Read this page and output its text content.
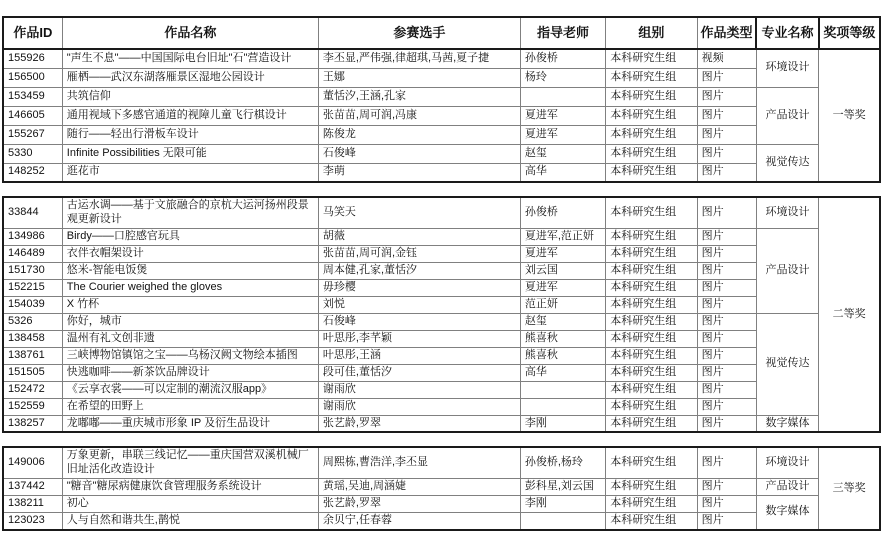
作品ID	作品名称	参赛选手	指导老师	组别	作品类型	专业名称	奖项等级
155926	"声生不息"——中国国际电台旧址"石"营造设计	李丕显,严伟强,律超琪,马茜,夏子捷	孙俊桥	本科研究生组	视频	环境设计	一等奖
156500	雁栖——武汉东湖落雁景区湿地公园设计	王娜	杨玲	本科研究生组	图片		
153459	共筑信仰	董恬汐,王涵,孔家		本科研究生组	图片	产品设计	
146605	通用视域下多感官通道的视障儿童飞行棋设计	张苗苗,周可润,冯康	夏进军	本科研究生组	图片		
155267	随行——轻出行滑板车设计	陈俊龙	夏进军	本科研究生组	图片		
5330	Infinite Possibilities 无限可能	石俊峰	赵玺	本科研究生组	图片	视觉传达	
148252	逛花市	李萌	高华	本科研究生组	图片		
33844	古运水调——基于文旅融合的京杭大运河扬州段景观更新设计	马笑天	孙俊桥	本科研究生组	图片	环境设计	二等奖
134986	Birdy——口腔感官玩具	胡薇	夏进军,范正妍	本科研究生组	图片	产品设计	
146489	衣伴衣帽架设计	张苗苗,周可润,金钰	夏进军	本科研究生组	图片		
151730	悠米-智能电饭煲	周本健,孔家,董恬汐	刘云国	本科研究生组	图片		
152215	The Courier weighed the gloves	毋珍樱	夏进军	本科研究生组	图片		
154039	X 竹杯	刘悦	范正妍	本科研究生组	图片		
5326	你好，城市	石俊峰	赵玺	本科研究生组	图片	视觉传达	
138458	温州有礼文创非遗	叶思彤,李芊颖	熊喜秋	本科研究生组	图片		
138761	三峡博物馆镇馆之宝——乌杨汉阙文物绘本插图	叶思彤,王涵	熊喜秋	本科研究生组	图片		
151505	快逃咖啡——新茶饮品牌设计	段可佳,董恬汐	高华	本科研究生组	图片		
152472	《云享衣裳——可以定制的潮流汉服app》	谢雨欣		本科研究生组	图片		
152559	在希望的田野上	谢雨欣		本科研究生组	图片		
138257	龙嘟嘟——重庆城市形象 IP 及衍生品设计	张艺龄,罗翠	李刚	本科研究生组	图片	数字媒体	
149006	万象更新，串联三线记忆——重庆国营双溪机械厂旧址活化改造设计	周熙栋,曹浩洋,李丕显	孙俊桥,杨玲	本科研究生组	图片	环境设计	三等奖
137442	"糖音"糖尿病健康饮食管理服务系统设计	黄瑶,吴迪,周涵婕	彭科星,刘云国	本科研究生组	图片	产品设计	
138211	初心	张艺龄,罗翠	李刚	本科研究生组	图片	数字媒体	
123023	人与自然和谐共生,鹊悦	余贝宁,任春蓉		本科研究生组	图片		
